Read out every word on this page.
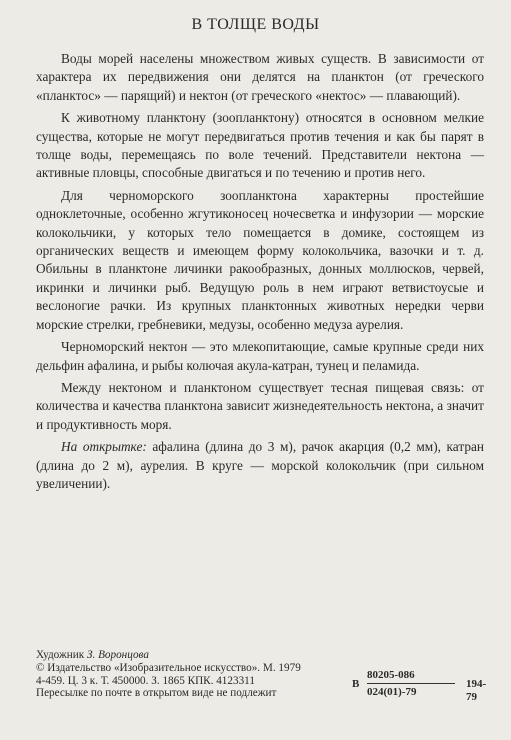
В ТОЛЩЕ ВОДЫ

Воды морей населены множеством живых существ. В зависимости от характера их передвижения они делятся на планктон (от греческого «планктос» — парящий) и нектон (от греческого «нектос» — плавающий).

К животному планктону (зоопланктону) относятся в основном мелкие существа, которые не могут передвигаться против течения и как бы парят в толще воды, перемещаясь по воле течений. Представители нектона — активные пловцы, способные двигаться и по течению и против него.

Для черноморского зоопланктона характерны простейшие одноклеточные, особенно жгутиконосец ночесветка и инфузории — морские колокольчики, у которых тело помещается в домике, состоящем из органических веществ и имеющем форму колокольчика, вазочки и т. д. Обильны в планктоне личинки ракообразных, донных моллюсков, червей, икринки и личинки рыб. Ведущую роль в нем играют ветвистоусые и веслоногие рачки. Из крупных планктонных животных нередки черви морские стрелки, гребневики, медузы, особенно медуза аурелия.

Черноморский нектон — это млекопитающие, самые крупные среди них дельфин афалина, и рыбы колючая акула-катран, тунец и пеламида.

Между нектоном и планктоном существует тесная пищевая связь: от количества и качества планктона зависит жизнедеятельность нектона, а значит и продуктивность моря.

На открытке: афалина (длина до 3 м), рачок акарция (0,2 мм), катран (длина до 2 м), аурелия. В круге — морской колокольчик (при сильном увеличении).

Художник З. Воронцова
© Издательство «Изобразительное искусство». М. 1979
4-459. Ц. 3 к. Т. 450000. З. 1865 КПК. 4123311
Пересылке по почте в открытом виде не подлежит
В $\frac{80205-086}{024(01)-79} 194-79$
